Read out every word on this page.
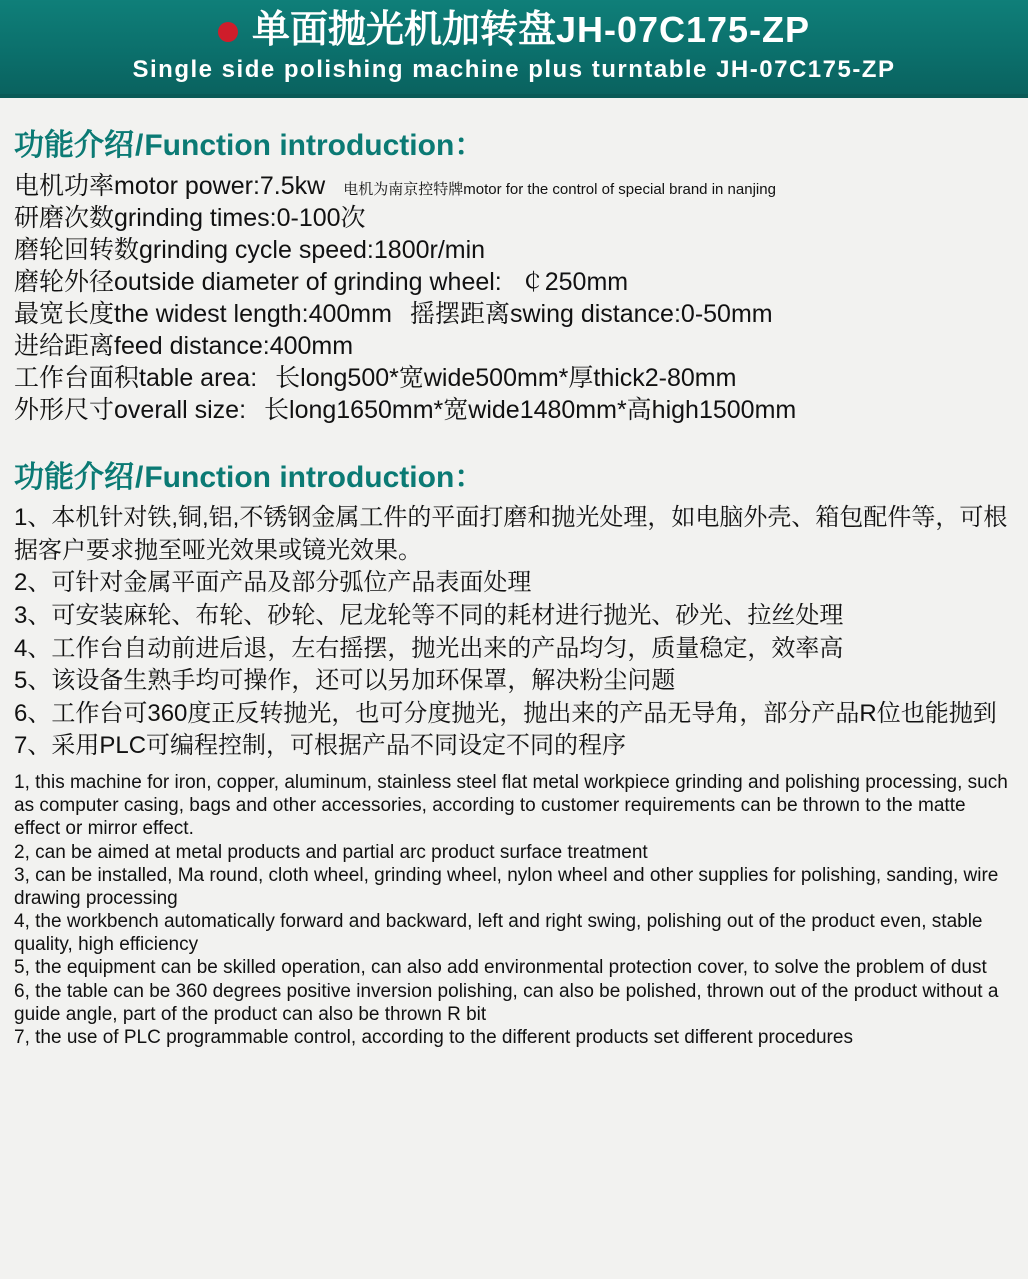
单面抛光机加转盘 JH-07C175-ZP
Single side polishing machine plus turntable JH-07C175-ZP
功能介绍 / Function introduction ：
电机功率motor power:7.5kw 电机为南京控特牌motor for the control of special brand in nanjing
研磨次数grinding times:0-100次
磨轮回转数grinding cycle speed:1800r/min
磨轮外径outside diameter of grinding wheel: ￠250mm
最宽长度the widest length:400mm 摇摆距离swing distance:0-50mm
进给距离feed distance:400mm
工作台面积table area: 长long500*宽wide500mm*厚thick2-80mm
外形尺寸overall size: 长long1650mm*宽wide1480mm*高high1500mm
功能介绍 / Function introduction ：
1、本机针对铁,铜,铝,不锈钢金属工件的平面打磨和抛光处理，如电脑外壳、箱包配件等，可根据客户要求抛至哑光效果或镜光效果。
2、可针对金属平面产品及部分弧位产品表面处理
3、可安装麻轮、布轮、砂轮、尼龙轮等不同的耗材进行抛光、砂光、拉丝处理
4、工作台自动前进后退，左右摇摆，抛光出来的产品均匀，质量稳定，效率高
5、该设备生熟手均可操作，还可以另加环保罩，解决粉尘问题
6、工作台可360度正反转抛光，也可分度抛光，抛出来的产品无导角，部分产品R位也能抛到
7、采用PLC可编程控制，可根据产品不同设定不同的程序
1, this machine for iron, copper, aluminum, stainless steel flat metal workpiece grinding and polishing processing, such as computer casing, bags and other accessories, according to customer requirements can be thrown to the matte effect or mirror effect.
2, can be aimed at metal products and partial arc product surface treatment
3, can be installed, Ma round, cloth wheel, grinding wheel, nylon wheel and other supplies for polishing, sanding, wire drawing processing
4, the workbench automatically forward and backward, left and right swing, polishing out of the product even, stable quality, high efficiency
5, the equipment can be skilled operation, can also add environmental protection cover, to solve the problem of dust
6, the table can be 360 degrees positive inversion polishing, can also be polished, thrown out of the product without a guide angle, part of the product can also be thrown R bit
7, the use of PLC programmable control, according to the different products set different procedures
